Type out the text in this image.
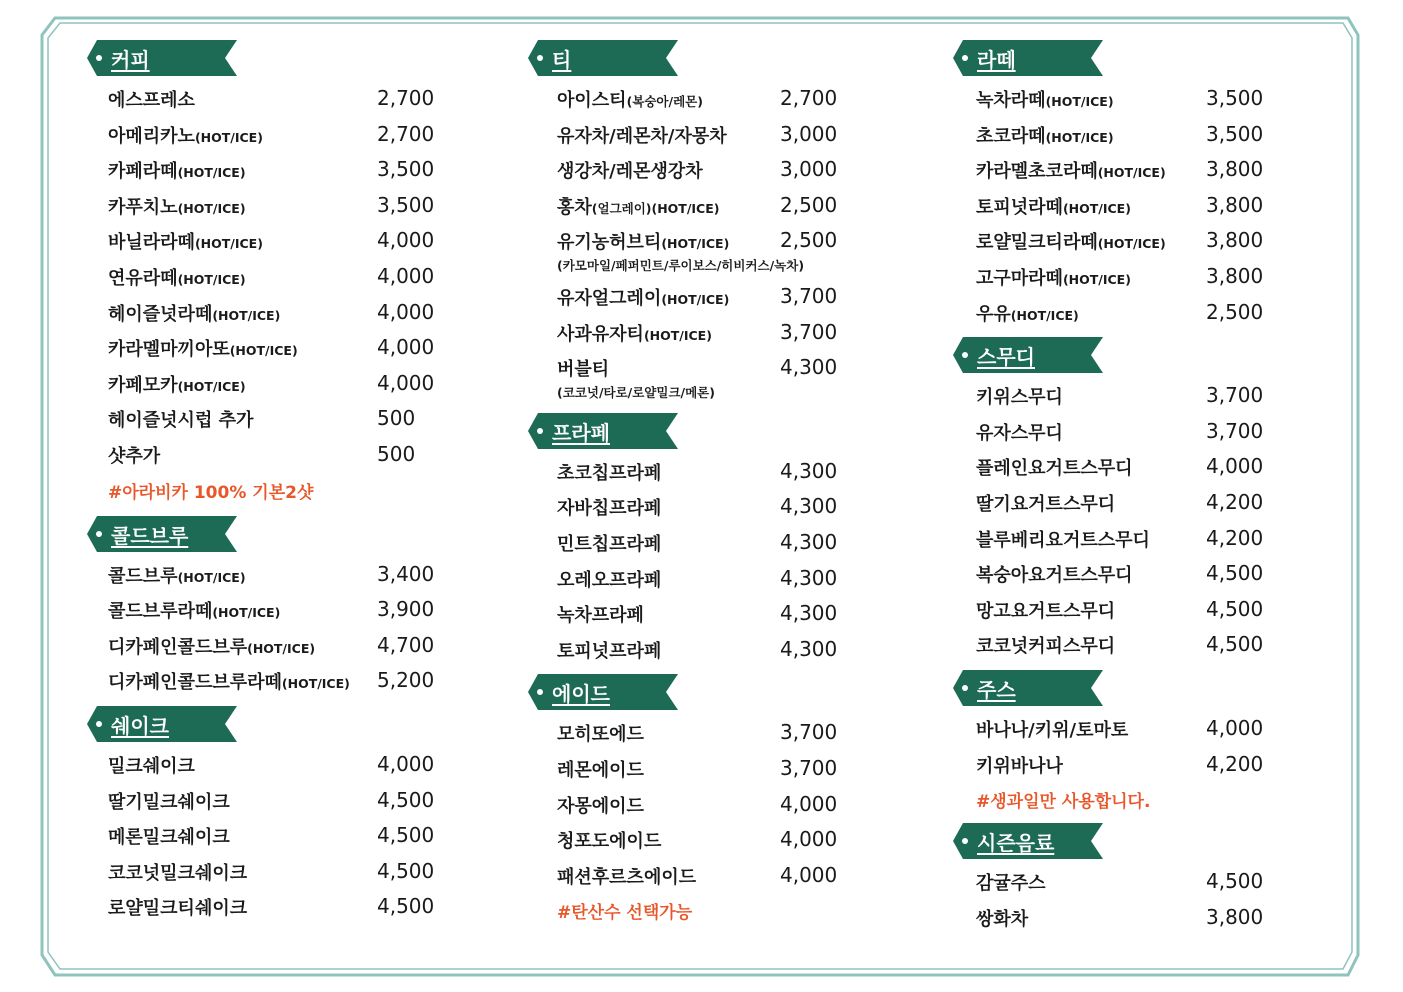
커피
에스프레소	2,700
아메리카노(HOT/ICE)	2,700
카페라떼(HOT/ICE)	3,500
카푸치노(HOT/ICE)	3,500
바닐라라떼(HOT/ICE)	4,000
연유라떼(HOT/ICE)	4,000
헤이즐넛라떼(HOT/ICE)	4,000
카라멜마끼아또(HOT/ICE)	4,000
카페모카(HOT/ICE)	4,000
헤이즐넛시럽 추가	500
샷추가	500
#아라비카 100% 기본2샷
콜드브루
콜드브루(HOT/ICE)	3,400
콜드브루라떼(HOT/ICE)	3,900
디카페인콜드브루(HOT/ICE)	4,700
디카페인콜드브루라떼(HOT/ICE) 5,200
쉐이크
밀크쉐이크	4,000
딸기밀크쉐이크	4,500
메론밀크쉐이크	4,500
코코넛밀크쉐이크	4,500
로얄밀크티쉐이크	4,500
티
아이스티(복숭아/레몬)	2,700
유자차/레몬차/자몽차	3,000
생강차/레몬생강차	3,000
홍차(얼그레이)(HOT/ICE)	2,500
유기농허브티(HOT/ICE)	2,500
(카모마일/페퍼민트/루이보스/히비커스/녹차)
유자얼그레이(HOT/ICE)	3,700
사과유자티(HOT/ICE)	3,700
버블티	4,300
(코코넛/타로/로얄밀크/메론)
프라페
초코칩프라페	4,300
자바칩프라페	4,300
민트칩프라페	4,300
오레오프라페	4,300
녹차프라페	4,300
토피넛프라페	4,300
에이드
모히또에드	3,700
레몬에이드	3,700
자몽에이드	4,000
청포도에이드	4,000
패션후르츠에이드	4,000
#탄산수 선택가능
라떼
녹차라떼(HOT/ICE)	3,500
초코라떼(HOT/ICE)	3,500
카라멜초코라떼(HOT/ICE) 3,800
토피넛라떼(HOT/ICE)	3,800
로얄밀크티라떼(HOT/ICE) 3,800
고구마라떼(HOT/ICE)	3,800
우유(HOT/ICE)	2,500
스무디
키위스무디	3,700
유자스무디	3,700
플레인요거트스무디	4,000
딸기요거트스무디	4,200
블루베리요거트스무디	4,200
복숭아요거트스무디	4,500
망고요거트스무디	4,500
코코넛커피스무디	4,500
주스
바나나/키위/토마토	4,000
키위바나나	4,200
#생과일만 사용합니다.
시즌음료
감귤주스	4,500
쌍화차	3,800
